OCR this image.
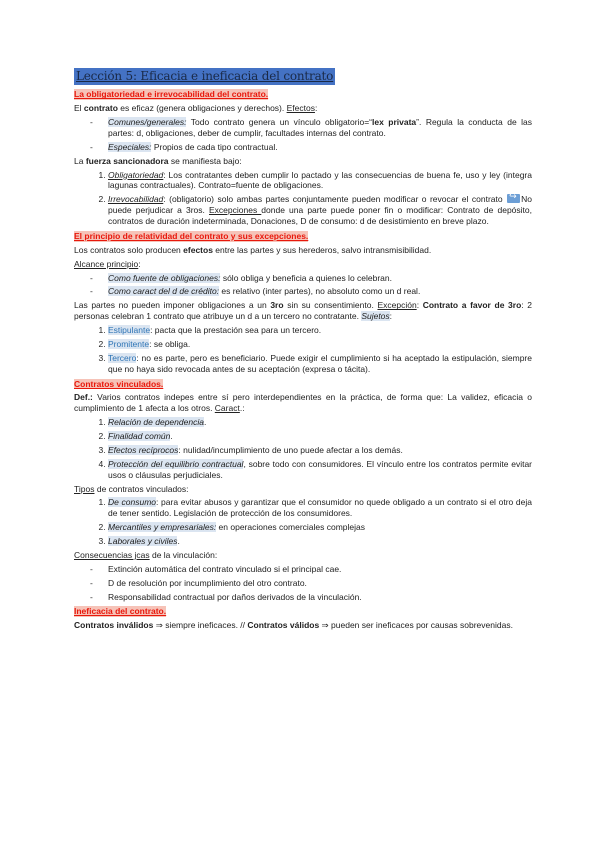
Lección 5: Eficacia e ineficacia del contrato
La obligatoriedad e irrevocabilidad del contrato.

El contrato es eficaz (genera obligaciones y derechos). Efectos:

- Comunes/generales: Todo contrato genera un vínculo obligatorio=“lex privata”. Regula la conducta de las partes: d, obligaciones, deber de cumplir, facultades internas del contrato.
- Especiales: Propios de cada tipo contractual.

La fuerza sancionadora se manifiesta bajo:

1. Obligatoriedad: Los contratantes deben cumplir lo pactado y las consecuencias de buena fe, uso y ley (integra lagunas contractuales). Contrato=fuente de obligaciones.
2. Irrevocabilidad: (obligatorio) solo ambas partes conjuntamente pueden modificar o revocar el contrato ↪No puede perjudicar a 3ros. Excepciones donde una parte puede poner fin o modificar: Contrato de depósito, contratos de duración indeterminada, Donaciones, D de consumo: d de desistimiento en breve plazo.
El principio de relatividad del contrato y sus excepciones.

Los contratos solo producen efectos entre las partes y sus herederos, salvo intransmisibilidad.

Alcance principio:

- Como fuente de obligaciones: sólo obliga y beneficia a quienes lo celebran.
- Como caract del d de crédito: es relativo (inter partes), no absoluto como un d real.

Las partes no pueden imponer obligaciones a un 3ro sin su consentimiento. Excepción: Contrato a favor de 3ro: 2 personas celebran 1 contrato que atribuye un d a un tercero no contratante. Sujetos:

1. Estipulante: pacta que la prestación sea para un tercero.
2. Promitente: se obliga.
3. Tercero: no es parte, pero es beneficiario. Puede exigir el cumplimiento si ha aceptado la estipulación, siempre que no haya sido revocada antes de su aceptación (expresa o tácita).
Contratos vinculados.

Def.: Varios contratos indepes entre sí pero interdependientes en la práctica, de forma que: La validez, eficacia o cumplimiento de 1 afecta a los otros. Caract.:

1. Relación de dependencia.
2. Finalidad común.
3. Efectos recíprocos: nulidad/incumplimiento de uno puede afectar a los demás.
4. Protección del equilibrio contractual, sobre todo con consumidores. El vínculo entre los contratos permite evitar usos o cláusulas perjudiciales.

Tipos de contratos vinculados:

1. De consumo: para evitar abusos y garantizar que el consumidor no quede obligado a un contrato si el otro deja de tener sentido. Legislación de protección de los consumidores.
2. Mercantiles y empresariales: en operaciones comerciales complejas
3. Laborales y civiles.

Consecuencias jcas de la vinculación:

- Extinción automática del contrato vinculado si el principal cae.
- D de resolución por incumplimiento del otro contrato.
- Responsabilidad contractual por daños derivados de la vinculación.
Ineficacia del contrato.

Contratos inválidos ⇒ siempre ineficaces. // Contratos válidos ⇒ pueden ser ineficaces por causas sobrevenidas.
